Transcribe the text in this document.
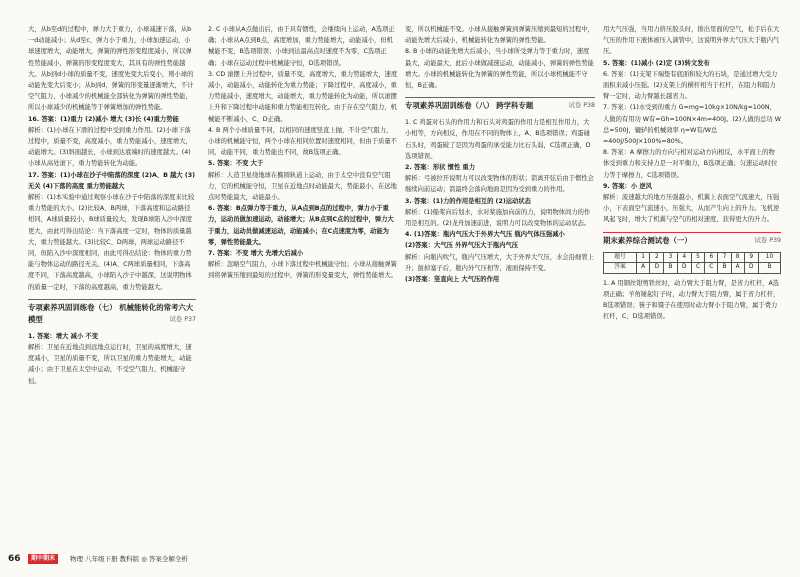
大，从b至d的过程中，弹力大于重力，小球减速下落，从b一d动能减小；从d至c，弹力小于重力，小球加速运动，小球速度增大，动能增大，弹簧的弹性形变程度减小，所以弹性势能减小，弹簧的形变程度变大，其具有的弹性势能越大。从b到d小球的质量不变，速度先变大后变小，则小球的动能先变大后变小；从b到d，弹簧的形变量逐渐增大，不计空气阻力，小球减少的机械能全部转化为弹簧的弹性势能，所以小球减少的机械能等于弹簧增加的弹性势能。

16. 答案：(1)重力 (2)减小 增大 (3)长 (4)重力势能

解析：(1)小球在下滑的过程中受到重力作用。(2)小球下落过程中，质量不变，高度减小，重力势能减小，速度增大，动能增大。(3)斜面越长，小球到达底端时的速度越大。(4)小球从高处滚下，重力势能转化为动能。

17. 答案：(1)小球在沙子中陷落的深度 (2)A、B 越大 (3)无关 (4)下落的高度 重力势能越大

解析：(1)本实验中通过观察小球在沙子中陷落的深度来比较重力势能的大小。(2)比较A、B两球，下落高度和运动路径相同，A球质量较小，B球质量较大，发现B球陷入沙中深度更大，由此可得出结论：当下落高度一定时，物体的质量越大，重力势能越大。(3)比较C、D两球，两球运动路径不同，但陷入沙中深度相同，由此可得出结论：物体的重力势能与物体运动的路径无关。(4)A、C两球质量相同，下落高度不同，下落高度越高，小球陷入沙子中越深，这说明物体的质量一定时，下落的高度越高，重力势能越大。

专项素养巩固训练卷（七） 机械能转化的常考六大模型	试卷 P37

1. 答案：增大 减小 不变

解析：卫星在近地点到远地点运行时，卫星的高度增大，速度减小，卫星的质量不变，所以卫星的重力势能增大，动能减小；由于卫星在太空中运动，不受空气阻力，机械能守恒。

2. C 小球从A点抛出后，由于具有惯性，会继续向上运动，A选项正确；小球从A点到B点，高度增加，重力势能增大，动能减小，但机械能不变，B选项错误；小球到达最高点时速度不为零，C选项正确；小球在运动过程中机械能守恒，D选项错误。

3. CD 滚摆上升过程中，质量不变，高度增大，重力势能增大，速度减小，动能减小，动能转化为重力势能；下降过程中，高度减小，重力势能减小，速度增大，动能增大，重力势能转化为动能，所以滚摆上升和下降过程中动能和重力势能相互转化。由于存在空气阻力，机械能不断减小，C、D正确。

4. B 两个小球质量不同，以相同的速度竖直上抛，不计空气阻力，小球的机械能守恒，两个小球在相同位置时速度相同，但由于质量不同，动能不同，重力势能也不同，故B选项正确。

5. 答案：不变 大于

解析：人造卫星绕地球在椭圆轨道上运动，由于太空中没有空气阻力，它的机械能守恒，卫星在近地点时动能最大，势能最小，在远地点时势能最大，动能最小。

6. 答案：B点弹力等于重力，从A点到B点的过程中，弹力小于重力，运动员做加速运动，动能增大；从B点到C点的过程中，弹力大于重力，运动员做减速运动，动能减小；在C点速度为零，动能为零，弹性势能最大。

7. 答案：不变 增大 先增大后减小

解析：忽略空气阻力，小球下落过程中机械能守恒；小球从接触弹簧到将弹簧压缩到最短的过程中，弹簧的形变量变大，弹性势能增大。

变，所以机械能不变。小球从接触弹簧到弹簧压缩到最短的过程中，动能先增大后减小，机械能转化为弹簧的弹性势能。

8. B 小球的动能先增大后减小，当小球所受弹力等于重力时，速度最大，动能最大，此后小球做减速运动，动能减小，弹簧的弹性势能增大。小球的机械能转化为弹簧的弹性势能，所以小球机械能不守恒，B正确。

专项素养巩固训练卷（八） 跨学科专题	试卷 P38

1. C 鸡蛋对石头的作用力和石头对鸡蛋的作用力是相互作用力，大小相等，方向相反，作用在不同的物体上，A、B选项错误；鸡蛋碰石头时，鸡蛋破了是因为鸡蛋的承受能力比石头弱，C选项正确，D选项错误。

2. 答案：形状 惯性 重力

解析：弓被拉开说明力可以改变物体的形状；箭离开弦后由于惯性会继续向前运动；箭最终会落向地面是因为受到重力的作用。

3. 答案：(1)力的作用是相互的 (2)运动状态

解析：(1)船桨向后划水，水对桨施加向前的力，说明物体间力的作用是相互的。(2)龙舟加速前进，说明力可以改变物体的运动状态。

4. (1)答案：瓶内气压大于外界大气压 瓶内气体压强减小

(2)答案：大气压 外界气压大于瓶内气压

解析：向瓶内吹气，瓶内气压增大，大于外界大气压，水会沿细管上升；拔掉塞子后，瓶内外气压相等，液面保持不变。

(3)答案：竖直向上 大气压的作用

用大气压强，当用力挤压胶头时，排出里面的空气，松手后在大气压的作用下液体被压入滴管中，这说明外界大气压大于瓶内气压。

5. 答案：(1)减小 (2)定 (3)转文发布

6. 答案：(1)支架下端垫有底面积较大的石块，是通过增大受力面积来减小压强。(2)支架上的横杆相当于杠杆，在阻力和阻力臂一定时，动力臂越长越省力。

7. 答案：(1)水受到的重力 G=mg=10kg×10N/kg=100N，人做的有用功 W有=Gh=100N×4m=400J。(2)人做的总功 W总=500J，辘轳的机械效率 η=W有/W总=400J/500J×100%=80%。

8. 答案：A 摩擦力的方向与相对运动方向相反，水平面上的物体受到重力和支持力是一对平衡力，B选项正确；匀速运动时拉力等于摩擦力，C选项错误。

9. 答案：小 逆风

解析：流速越大的地方压强越小，机翼上表面空气流速大，压强小，下表面空气流速小，压强大，从而产生向上的升力。飞机逆风起飞时，增大了机翼与空气的相对速度，获得更大的升力。

期末素养综合测试卷（一）	试卷 P39
题号	1	2	3	4	5	6	7	8	9	10
答案	A	D	B	D	C	C	B	A	D	B

1. A 用钢丝钳剪铁丝时，动力臂大于阻力臂，是省力杠杆，A选项正确；羊角锤起钉子时，动力臂大于阻力臂，属于省力杠杆，B选项错误；筷子和镊子在使用时动力臂小于阻力臂，属于费力杠杆，C、D选项错误。

66	期中期末	物理 八年级下册 教科版 ◎ 答案全解全析
